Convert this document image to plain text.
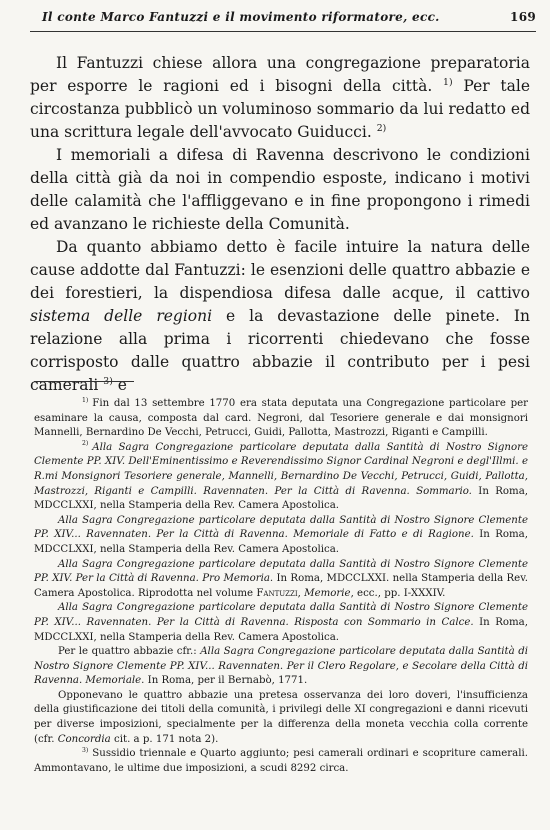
Il conte Marco Fantuzzi e il movimento riformatore, ecc.	169

Il Fantuzzi chiese allora una congregazione preparatoria per esporre le ragioni ed i bisogni della città. $^{1)}$ Per tale circostanza pubblicò un voluminoso sommario da lui redatto ed una scrittura legale dell'avvocato Guiducci. $^{2)}$

I memoriali a difesa di Ravenna descrivono le condizioni della città già da noi in compendio esposte, indicano i motivi delle calamità che l'affliggevano e in fine propongono i rimedi ed avanzano le richieste della Comunità.

Da quanto abbiamo detto è facile intuire la natura delle cause addotte dal Fantuzzi: le esenzioni delle quattro abbazie e dei forestieri, la dispendiosa difesa dalle acque, il cattivo sistema delle regioni e la devastazione delle pinete. In relazione alla prima i ricorrenti chiedevano che fosse corrisposto dalle quattro abbazie il contributo per i pesi camerali $^{3)}$ e

$^{1)}$ Fin dal 13 settembre 1770 era stata deputata una Congregazione particolare per esaminare la causa, composta dal card. Negroni, dal Tesoriere generale e dai monsignori Mannelli, Bernardino De Vecchi, Petrucci, Guidi, Pallotta, Mastrozzi, Riganti e Campilli.

$^{2)}$ Alla Sagra Congregazione particolare deputata dalla Santità di Nostro Signore Clemente PP. XIV. Dell'Eminentissimo e Reverendissimo Signor Cardinal Negroni e degl'Illmi. e R.mi Monsignori Tesoriere generale, Mannelli, Bernardino De Vecchi, Petrucci, Guidi, Pallotta, Mastrozzi, Riganti e Campilli. Ravennaten. Per la Città di Ravenna. Sommario. In Roma, MDCCLXXI, nella Stamperia della Rev. Camera Apostolica.

Alla Sagra Congregazione particolare deputata dalla Santità di Nostro Signore Clemente PP. XIV... Ravennaten. Per la Città di Ravenna. Memoriale di Fatto e di Ragione. In Roma, MDCCLXXI, nella Stamperia della Rev. Camera Apostolica.

Alla Sagra Congregazione particolare deputata dalla Santità di Nostro Signore Clemente PP. XIV. Per la Città di Ravenna. Pro Memoria. In Roma, MDCCLXXI. nella Stamperia della Rev. Camera Apostolica. Riprodotta nel volume Fantuzzi, Memorie, ecc., pp. I-XXXIV.

Alla Sagra Congregazione particolare deputata dalla Santità di Nostro Signore Clemente PP. XIV... Ravennaten. Per la Città di Ravenna. Risposta con Sommario in Calce. In Roma, MDCCLXXI, nella Stamperia della Rev. Camera Apostolica.

Per le quattro abbazie cfr.: Alla Sagra Congregazione particolare deputata dalla Santità di Nostro Signore Clemente PP. XIV... Ravennaten. Per il Clero Regolare, e Secolare della Città di Ravenna. Memoriale. In Roma, per il Bernabò, 1771.

Opponevano le quattro abbazie una pretesa osservanza dei loro doveri, l'insufficienza della giustificazione dei titoli della comunità, i privilegi delle XI congregazioni e danni ricevuti per diverse imposizioni, specialmente per la differenza della moneta vecchia colla corrente (cfr. Concordia cit. a p. 171 nota 2).

$^{3)}$ Sussidio triennale e Quarto aggiunto; pesi camerali ordinari e scopriture camerali. Ammontavano, le ultime due imposizioni, a scudi 8292 circa.
